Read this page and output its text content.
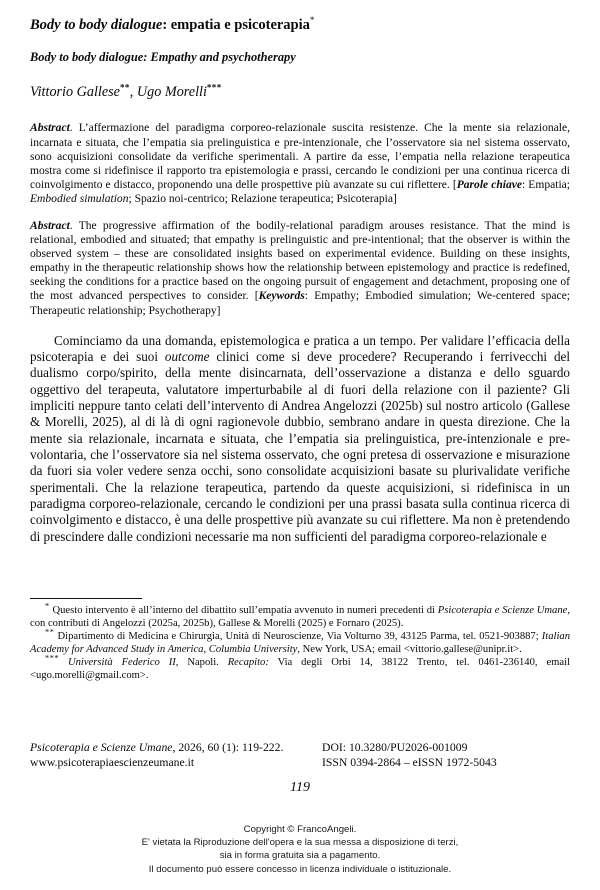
Body to body dialogue: empatia e psicoterapia*
Body to body dialogue: Empathy and psychotherapy
Vittorio Gallese**, Ugo Morelli***

Abstract. L’affermazione del paradigma corporeo-relazionale suscita resistenze. Che la mente sia relazionale, incarnata e situata, che l’empatia sia prelinguistica e pre-intenzionale, che l’osservatore sia nel sistema osservato, sono acquisizioni consolidate da verifiche sperimentali. A partire da esse, l’empatia nella relazione terapeutica mostra come si ridefinisce il rapporto tra epistemologia e prassi, cercando le condizioni per una continua ricerca di coinvolgimento e distacco, proponendo una delle prospettive più avanzate su cui riflettere. [Parole chiave: Empatia; Embodied simulation; Spazio noi-centrico; Relazione terapeutica; Psicoterapia]

Abstract. The progressive affirmation of the bodily-relational paradigm arouses resistance. That the mind is relational, embodied and situated; that empathy is prelinguistic and pre-intentional; that the observer is within the observed system – these are consolidated insights based on experimental evidence. Building on these insights, empathy in the therapeutic relationship shows how the relationship between epistemology and practice is redefined, seeking the conditions for a practice based on the ongoing pursuit of engagement and detachment, proposing one of the most advanced perspectives to consider. [Keywords: Empathy; Embodied simulation; We-centered space; Therapeutic relationship; Psychotherapy]

Cominciamo da una domanda, epistemologica e pratica a un tempo. Per validare l’efficacia della psicoterapia e dei suoi outcome clinici come si deve procedere? Recuperando i ferrivecchi del dualismo corpo/spirito, della mente disincarnata, dell’osservazione a distanza e dello sguardo oggettivo del terapeuta, valutatore imperturbabile al di fuori della relazione con il paziente? Gli impliciti neppure tanto celati dell’intervento di Andrea Angelozzi (2025b) sul nostro articolo (Gallese & Morelli, 2025), al di là di ogni ragionevole dubbio, sembrano andare in questa direzione. Che la mente sia relazionale, incarnata e situata, che l’empatia sia prelinguistica, pre-intenzionale e pre-volontaria, che l’osservatore sia nel sistema osservato, che ogni pretesa di osservazione e misurazione da fuori sia voler vedere senza occhi, sono consolidate acquisizioni basate su plurivalidate verifiche sperimentali. Che la relazione terapeutica, partendo da queste acquisizioni, si ridefinisca in un paradigma corporeo-relazionale, cercando le condizioni per una prassi basata sulla continua ricerca di coinvolgimento e distacco, è una delle prospettive più avanzate su cui riflettere. Ma non è pretendendo di prescindere dalle condizioni necessarie ma non sufficienti del paradigma corporeo-relazionale e

* Questo intervento è all’interno del dibattito sull’empatia avvenuto in numeri precedenti di Psicoterapia e Scienze Umane, con contributi di Angelozzi (2025a, 2025b), Gallese & Morelli (2025) e Fornaro (2025).

** Dipartimento di Medicina e Chirurgia, Unità di Neuroscienze, Via Volturno 39, 43125 Parma, tel. 0521-903887; Italian Academy for Advanced Study in America, Columbia University, New York, USA; email <vittorio.gallese@unipr.it>.

*** Università Federico II, Napoli. Recapito: Via degli Orbi 14, 38122 Trento, tel. 0461-236140, email <ugo.morelli@gmail.com>.

Psicoterapia e Scienze Umane, 2026, 60 (1): 119-222.	DOI: 10.3280/PU2026-001009
www.psicoterapiaescienzeumane.it	ISSN 0394-2864 – eISSN 1972-5043
119
Copyright © FrancoAngeli.
E' vietata la Riproduzione dell'opera e la sua messa a disposizione di terzi,
sia in forma gratuita sia a pagamento.
Il documento può essere concesso in licenza individuale o istituzionale.
